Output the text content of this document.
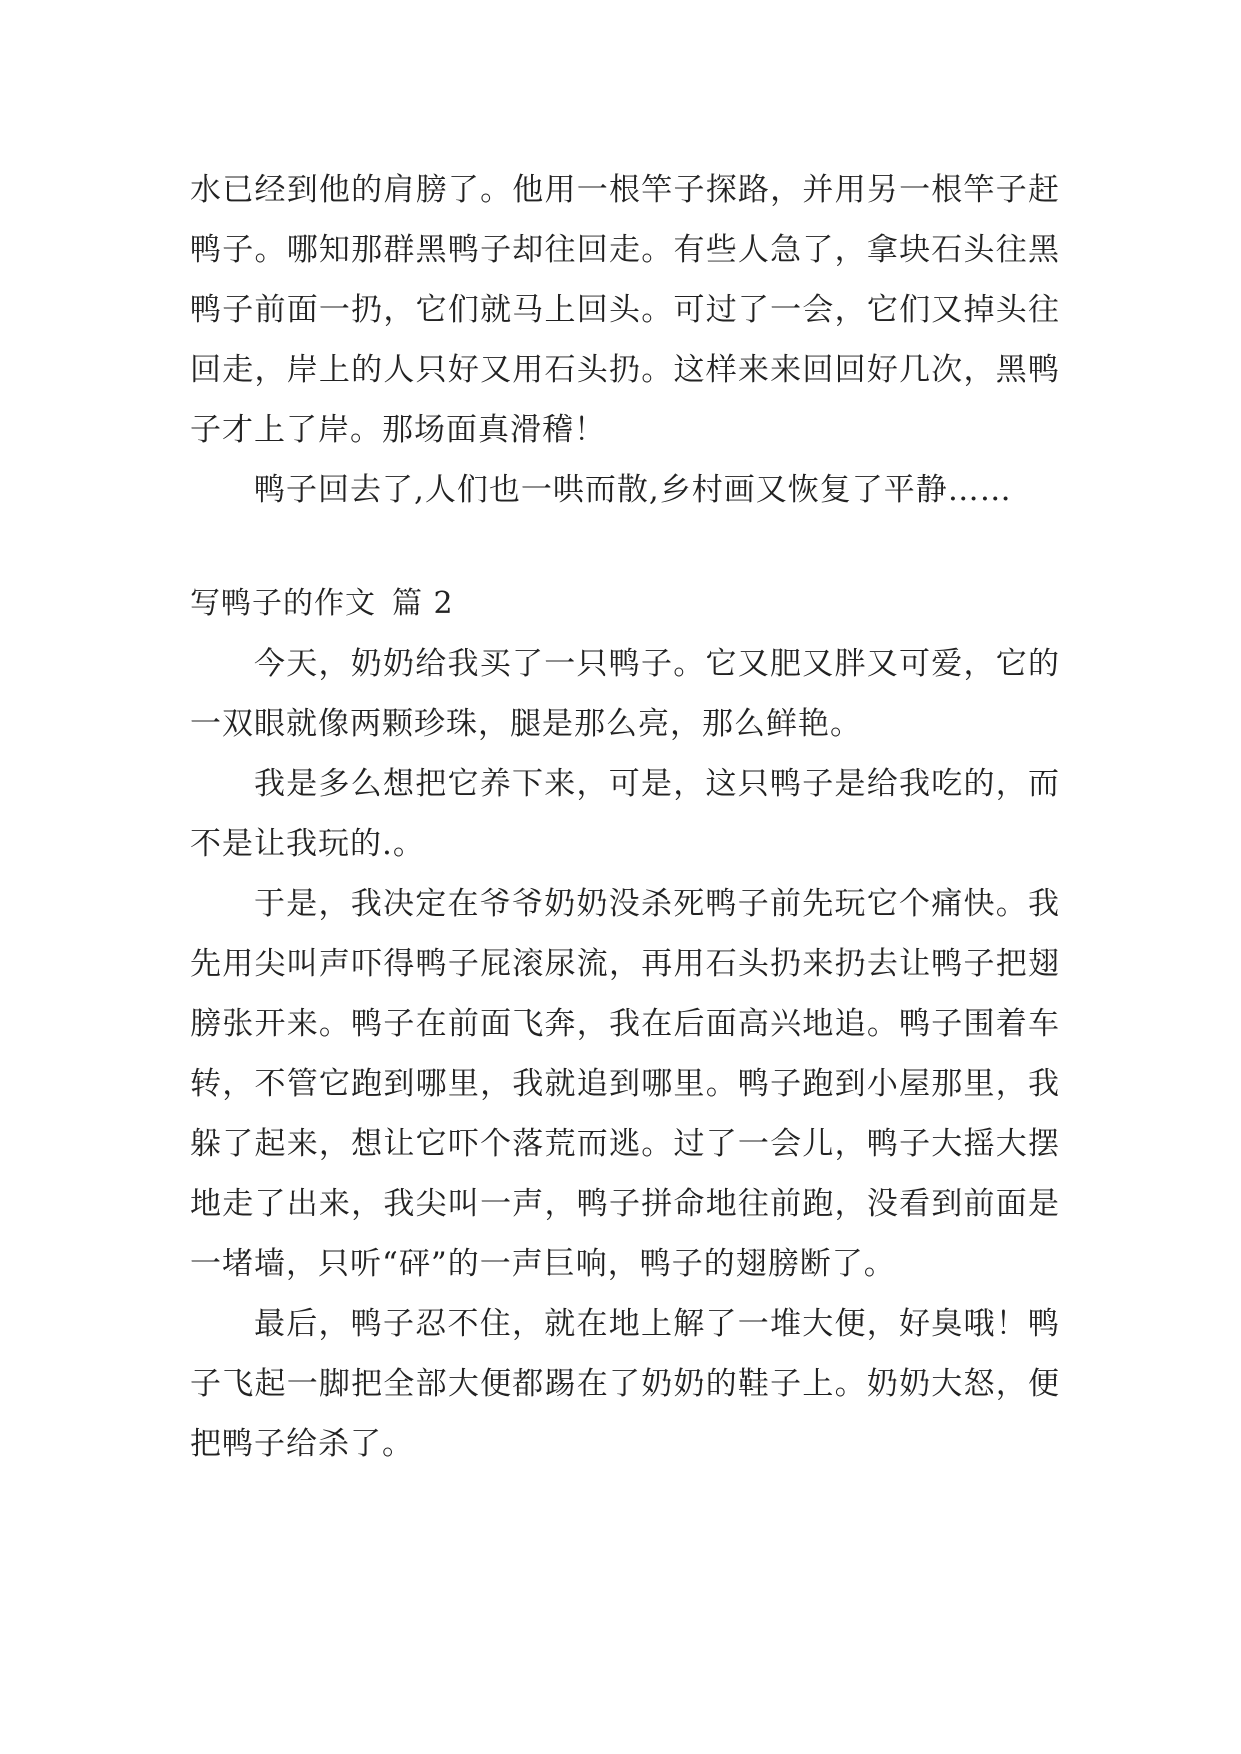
水已经到他的肩膀了。他用一根竿子探路，并用另一根竿子赶鸭子。哪知那群黑鸭子却往回走。有些人急了，拿块石头往黑鸭子前面一扔，它们就马上回头。可过了一会，它们又掉头往回走，岸上的人只好又用石头扔。这样来来回回好几次，黑鸭子才上了岸。那场面真滑稽！

鸭子回去了,人们也一哄而散,乡村画又恢复了平静……

写鸭子的作文 篇 2

今天，奶奶给我买了一只鸭子。它又肥又胖又可爱，它的一双眼就像两颗珍珠，腿是那么亮，那么鲜艳。

我是多么想把它养下来，可是，这只鸭子是给我吃的，而不是让我玩的.。

于是，我决定在爷爷奶奶没杀死鸭子前先玩它个痛快。我先用尖叫声吓得鸭子屁滚尿流，再用石头扔来扔去让鸭子把翅膀张开来。鸭子在前面飞奔，我在后面高兴地追。鸭子围着车转，不管它跑到哪里，我就追到哪里。鸭子跑到小屋那里，我躲了起来，想让它吓个落荒而逃。过了一会儿，鸭子大摇大摆地走了出来，我尖叫一声，鸭子拼命地往前跑，没看到前面是一堵墙，只听“砰”的一声巨响，鸭子的翅膀断了。

最后，鸭子忍不住，就在地上解了一堆大便，好臭哦！鸭子飞起一脚把全部大便都踢在了奶奶的鞋子上。奶奶大怒，便把鸭子给杀了。
